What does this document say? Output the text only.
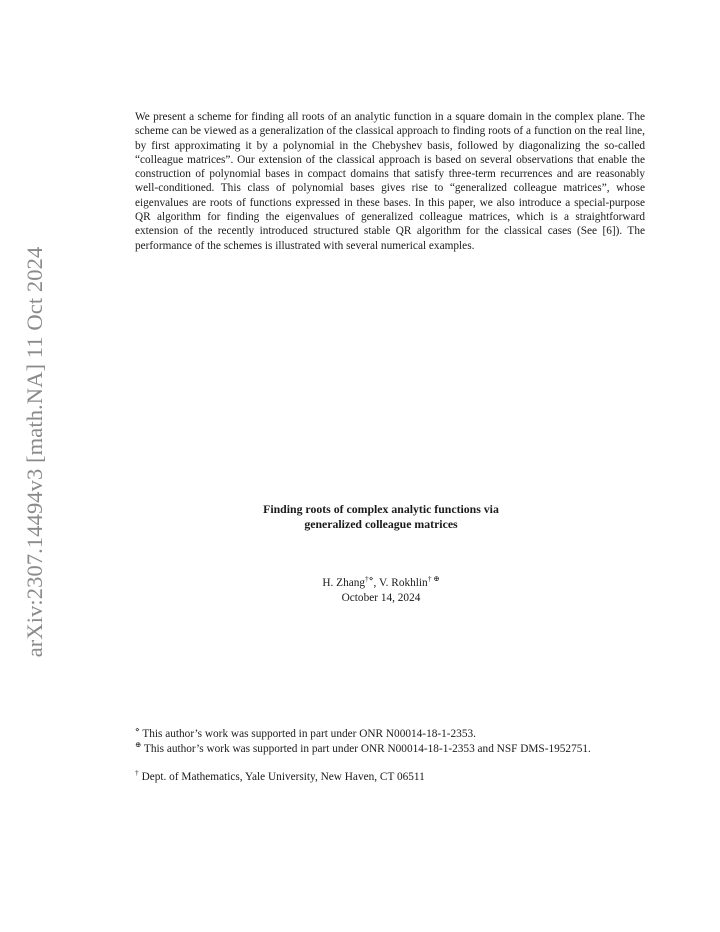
arXiv:2307.14494v3 [math.NA] 11 Oct 2024

We present a scheme for finding all roots of an analytic function in a square domain in the complex plane. The scheme can be viewed as a generalization of the classical approach to finding roots of a function on the real line, by first approximating it by a polynomial in the Chebyshev basis, followed by diagonalizing the so-called “colleague matrices”. Our extension of the classical approach is based on several observations that enable the construction of polynomial bases in compact domains that satisfy three-term recurrences and are reasonably well-conditioned. This class of polynomial bases gives rise to “generalized colleague matrices”, whose eigenvalues are roots of functions expressed in these bases. In this paper, we also introduce a special-purpose QR algorithm for finding the eigenvalues of generalized colleague matrices, which is a straightforward extension of the recently introduced structured stable QR algorithm for the classical cases (See [6]). The performance of the schemes is illustrated with several numerical examples.

Finding roots of complex analytic functions via
generalized colleague matrices
H. Zhang†⋄, V. Rokhlin† ⊕
October 14, 2024

⋄ This author’s work was supported in part under ONR N00014-18-1-2353.

⊕ This author’s work was supported in part under ONR N00014-18-1-2353 and NSF DMS-1952751.

† Dept. of Mathematics, Yale University, New Haven, CT 06511
